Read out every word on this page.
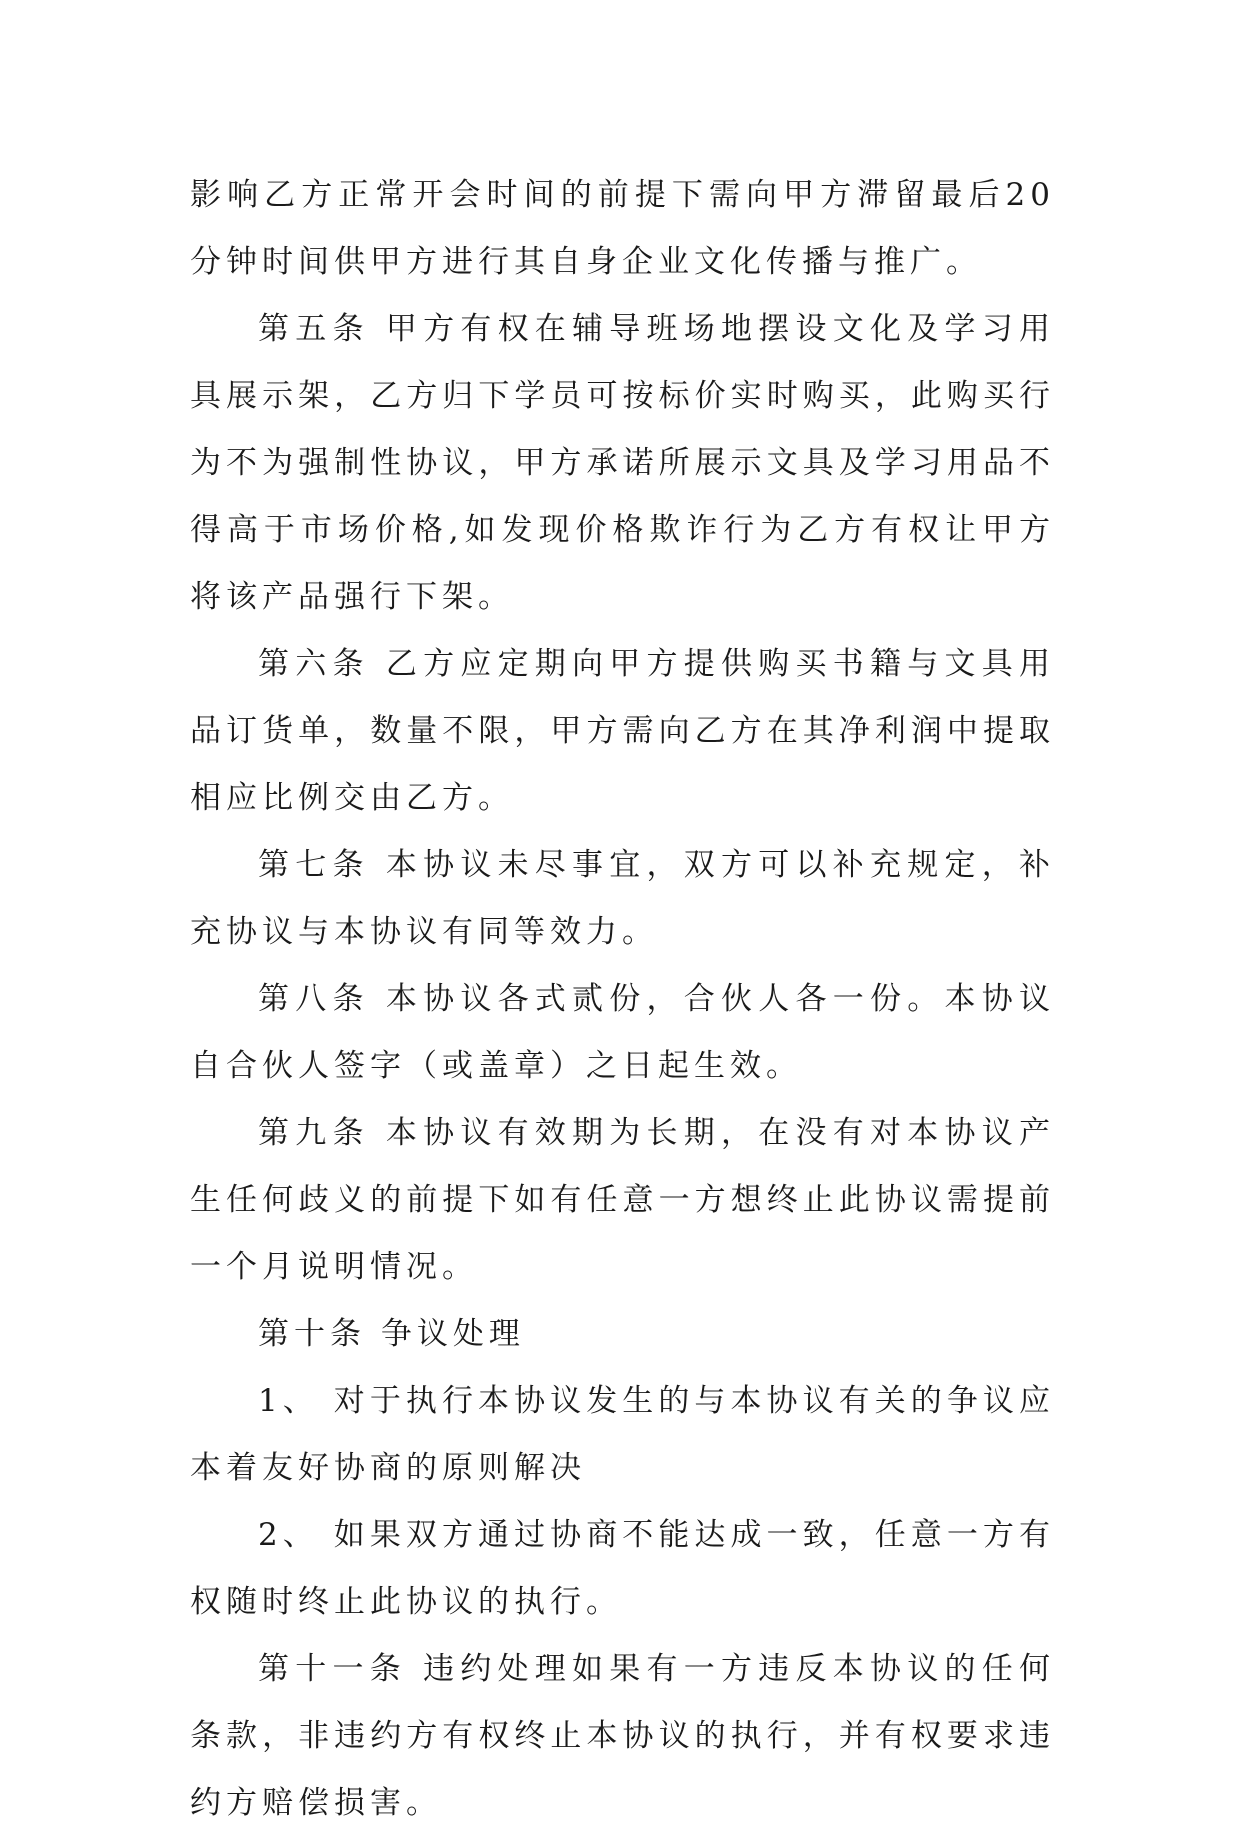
影响乙方正常开会时间的前提下需向甲方滞留最后20分钟时间供甲方进行其自身企业文化传播与推广。

第五条 甲方有权在辅导班场地摆设文化及学习用具展示架，乙方归下学员可按标价实时购买，此购买行为不为强制性协议，甲方承诺所展示文具及学习用品不得高于市场价格,如发现价格欺诈行为乙方有权让甲方将该产品强行下架。

第六条 乙方应定期向甲方提供购买书籍与文具用品订货单，数量不限，甲方需向乙方在其净利润中提取相应比例交由乙方。

第七条 本协议未尽事宜，双方可以补充规定，补充协议与本协议有同等效力。

第八条 本协议各式贰份，合伙人各一份。本协议自合伙人签字（或盖章）之日起生效。

第九条 本协议有效期为长期，在没有对本协议产生任何歧义的前提下如有任意一方想终止此协议需提前一个月说明情况。

第十条 争议处理

1、 对于执行本协议发生的与本协议有关的争议应本着友好协商的原则解决

2、 如果双方通过协商不能达成一致，任意一方有权随时终止此协议的执行。

第十一条 违约处理如果有一方违反本协议的任何条款，非违约方有权终止本协议的执行，并有权要求违约方赔偿损害。
